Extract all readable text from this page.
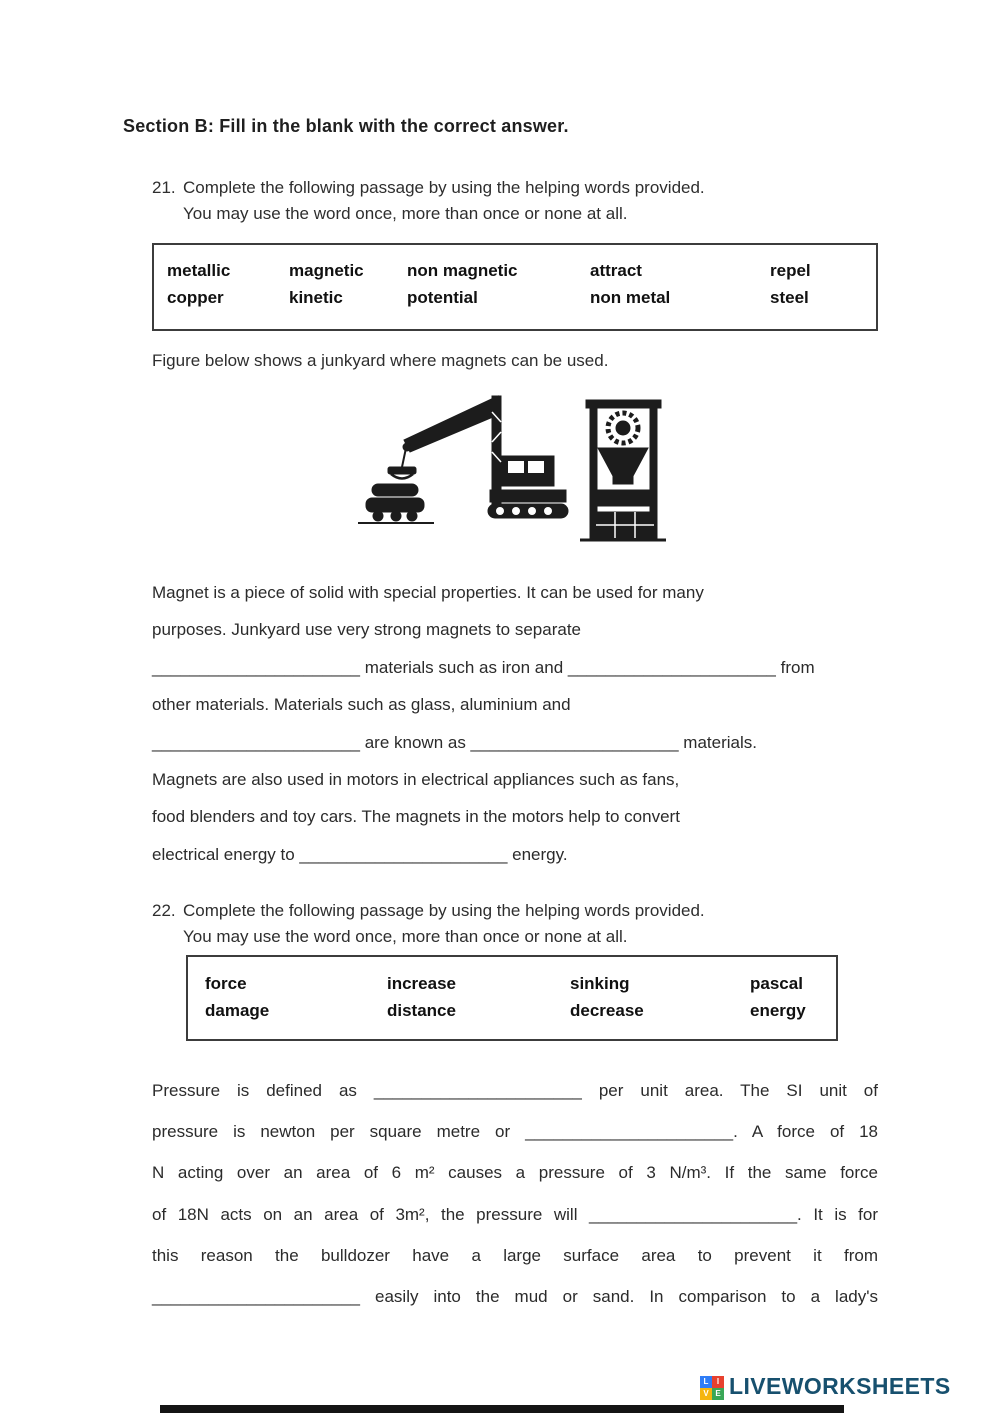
Section B: Fill in the blank with the correct answer.
21. Complete the following passage by using the helping words provided.
You may use the word once, more than once or none at all.
metallic	magnetic	non magnetic	attract	repel
copper	kinetic	potential	non metal	steel
Figure below shows a junkyard where magnets can be used.
Magnet is a piece of solid with special properties. It can be used for many
purposes. Junkyard use very strong magnets to separate
______________________ materials such as iron and ______________________ from
other materials. Materials such as glass, aluminium and
______________________ are known as ______________________ materials.
Magnets are also used in motors in electrical appliances such as fans,
food blenders and toy cars. The magnets in the motors help to convert
electrical energy to ______________________ energy.
22. Complete the following passage by using the helping words provided.
You may use the word once, more than once or none at all.
force	increase	sinking	pascal
damage	distance	decrease	energy
Pressure is defined as ______________________ per unit area. The SI unit of
pressure is newton per square metre or ______________________. A force of 18
N acting over an area of 6 m² causes a pressure of 3 N/m³. If the same force
of 18N acts on an area of 3m², the pressure will ______________________. It is for
this reason the bulldozer have a large surface area to prevent it from
______________________ easily into the mud or sand. In comparison to a lady's
L	I
V E LIVEWORKSHEETS
